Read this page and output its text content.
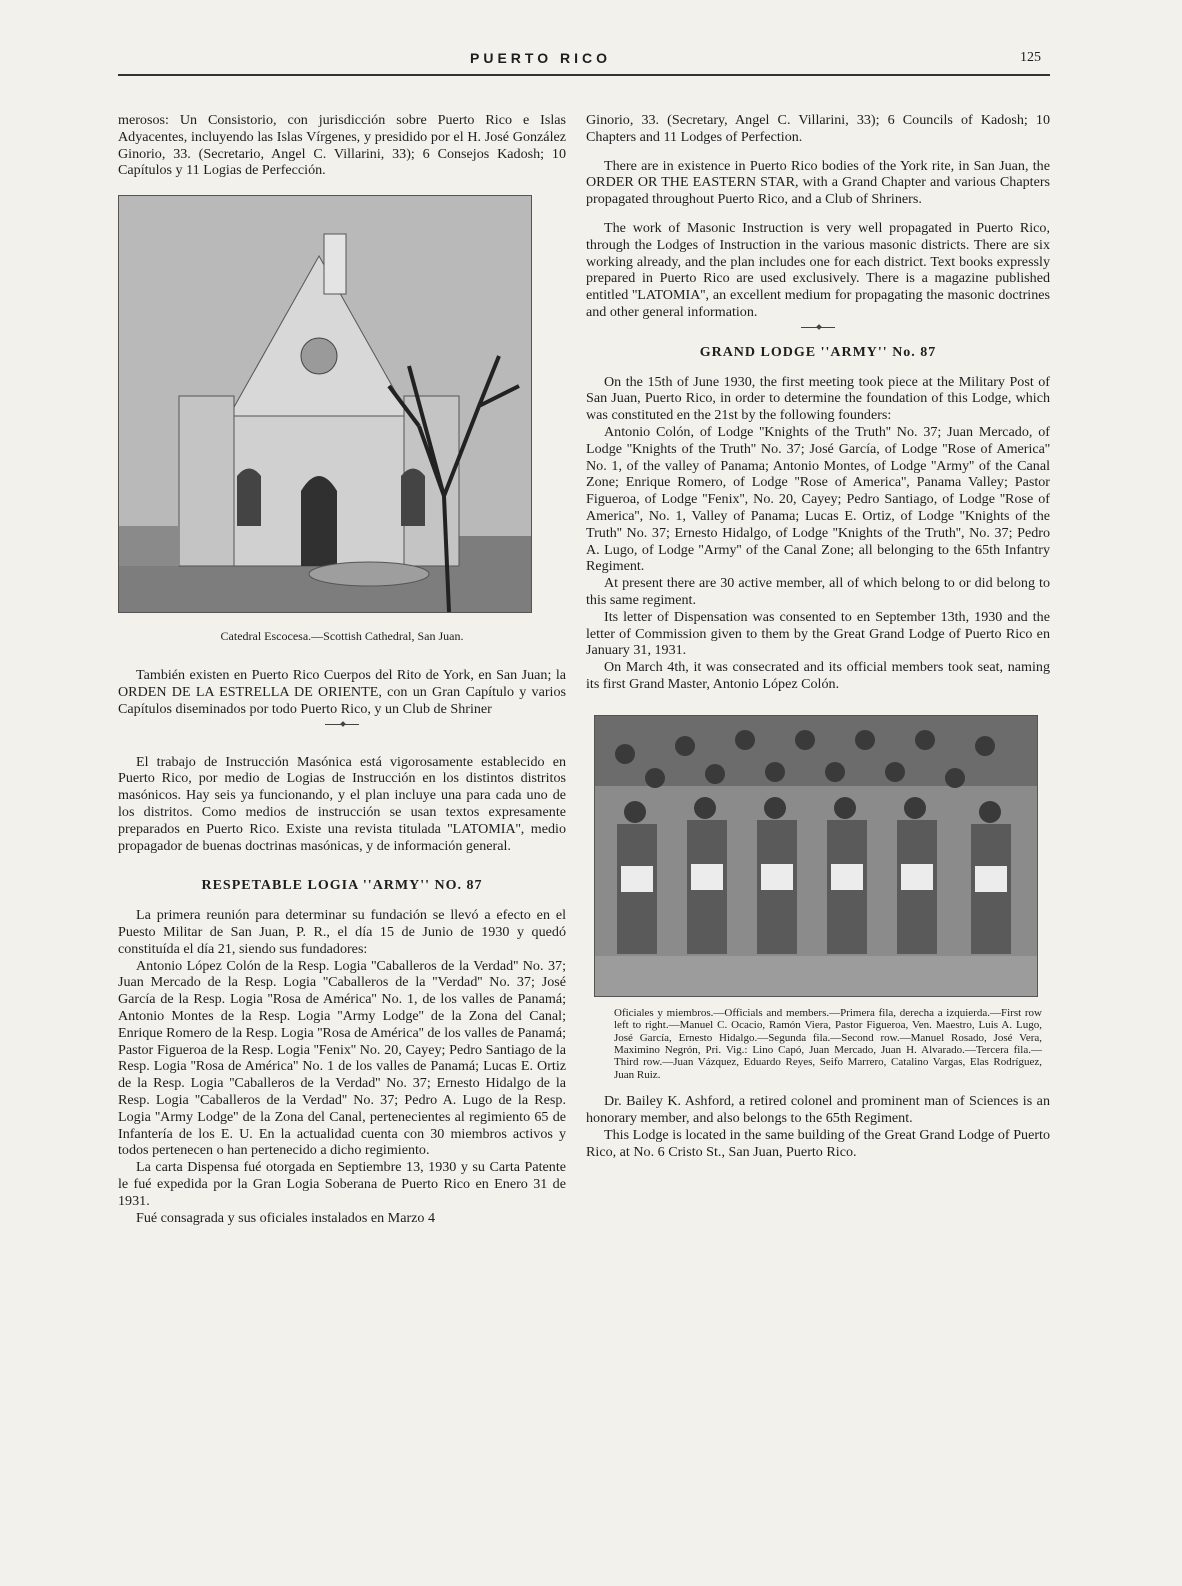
PUERTO RICO	125

merosos: Un Consistorio, con jurisdicción sobre Puerto Rico e Islas Adyacentes, incluyendo las Islas Vírgenes, y presidido por el H. José González Ginorio, 33. (Secretario, Angel C. Villarini, 33); 6 Consejos Kadosh; 10 Capítulos y 11 Logias de Perfección.

Catedral Escocesa.—Scottish Cathedral, San Juan.

También existen en Puerto Rico Cuerpos del Rito de York, en San Juan; la ORDEN DE LA ESTRELLA DE ORIENTE, con un Gran Capítulo y varios Capítulos diseminados por todo Puerto Rico, y un Club de Shriner

El trabajo de Instrucción Masónica está vigorosamente establecido en Puerto Rico, por medio de Logias de Instrucción en los distintos distritos masónicos. Hay seis ya funcionando, y el plan incluye una para cada uno de los distritos. Como medios de instrucción se usan textos expresamente preparados en Puerto Rico. Existe una revista titulada ''LATOMIA'', medio propagador de buenas doctrinas masónicas, y de información general.

RESPETABLE LOGIA ''ARMY'' NO. 87

La primera reunión para determinar su fundación se llevó a efecto en el Puesto Militar de San Juan, P. R., el día 15 de Junio de 1930 y quedó constituída el día 21, siendo sus fundadores:

Antonio López Colón de la Resp. Logia ''Caballeros de la Verdad'' No. 37; Juan Mercado de la Resp. Logia ''Caballeros de la ''Verdad'' No. 37; José García de la Resp. Logia ''Rosa de América'' No. 1, de los valles de Panamá; Antonio Montes de la Resp. Logia ''Army Lodge'' de la Zona del Canal; Enrique Romero de la Resp. Logia ''Rosa de América'' de los valles de Panamá; Pastor Figueroa de la Resp. Logia ''Fenix'' No. 20, Cayey; Pedro Santiago de la Resp. Logia ''Rosa de América'' No. 1 de los valles de Panamá; Lucas E. Ortiz de la Resp. Logia ''Caballeros de la Verdad'' No. 37; Ernesto Hidalgo de la Resp. Logia ''Caballeros de la Verdad'' No. 37; Pedro A. Lugo de la Resp. Logia ''Army Lodge'' de la Zona del Canal, pertenecientes al regimiento 65 de Infantería de los E. U. En la actualidad cuenta con 30 miembros activos y todos pertenecen o han pertenecido a dicho regimiento.

La carta Dispensa fué otorgada en Septiembre 13, 1930 y su Carta Patente le fué expedida por la Gran Logia Soberana de Puerto Rico en Enero 31 de 1931.

Fué consagrada y sus oficiales instalados en Marzo 4

Ginorio, 33. (Secretary, Angel C. Villarini, 33); 6 Councils of Kadosh; 10 Chapters and 11 Lodges of Perfection.

There are in existence in Puerto Rico bodies of the York rite, in San Juan, the ORDER OR THE EASTERN STAR, with a Grand Chapter and various Chapters propagated throughout Puerto Rico, and a Club of Shriners.

The work of Masonic Instruction is very well propagated in Puerto Rico, through the Lodges of Instruction in the various masonic districts. There are six working already, and the plan includes one for each district. Text books expressly prepared in Puerto Rico are used exclusively. There is a magazine published entitled ''LATOMIA'', an excellent medium for propagating the masonic doctrines and other general information.

GRAND LODGE ''ARMY'' No. 87

On the 15th of June 1930, the first meeting took piece at the Military Post of San Juan, Puerto Rico, in order to determine the foundation of this Lodge, which was constituted en the 21st by the following founders:

Antonio Colón, of Lodge ''Knights of the Truth'' No. 37; Juan Mercado, of Lodge ''Knights of the Truth'' No. 37; José García, of Lodge ''Rose of America'' No. 1, of the valley of Panama; Antonio Montes, of Lodge ''Army'' of the Canal Zone; Enrique Romero, of Lodge ''Rose of America'', Panama Valley; Pastor Figueroa, of Lodge ''Fenix'', No. 20, Cayey; Pedro Santiago, of Lodge ''Rose of America'', No. 1, Valley of Panama; Lucas E. Ortiz, of Lodge ''Knights of the Truth'' No. 37; Ernesto Hidalgo, of Lodge ''Knights of the Truth'', No. 37; Pedro A. Lugo, of Lodge ''Army'' of the Canal Zone; all belonging to the 65th Infantry Regiment.

At present there are 30 active member, all of which belong to or did belong to this same regiment.

Its letter of Dispensation was consented to en September 13th, 1930 and the letter of Commission given to them by the Great Grand Lodge of Puerto Rico en January 31, 1931.

On March 4th, it was consecrated and its official members took seat, naming its first Grand Master, Antonio López Colón.

Oficiales y miembros.—Officials and members.—Primera fila, derecha a izquierda.—First row left to right.—Manuel C. Ocacio, Ramón Viera, Pastor Figueroa, Ven. Maestro, Luis A. Lugo, José García, Ernesto Hidalgo.—Segunda fila.—Second row.—Manuel Rosado, José Vera, Maximino Negrón, Pri. Vig.: Lino Capó, Juan Mercado, Juan H. Alvarado.—Tercera fila.—Third row.—Juan Vázquez, Eduardo Reyes, Seifo Marrero, Catalino Vargas, Elas Rodríguez, Juan Ruiz.

Dr. Bailey K. Ashford, a retired colonel and prominent man of Sciences is an honorary member, and also belongs to the 65th Regiment.

This Lodge is located in the same building of the Great Grand Lodge of Puerto Rico, at No. 6 Cristo St., San Juan, Puerto Rico.
